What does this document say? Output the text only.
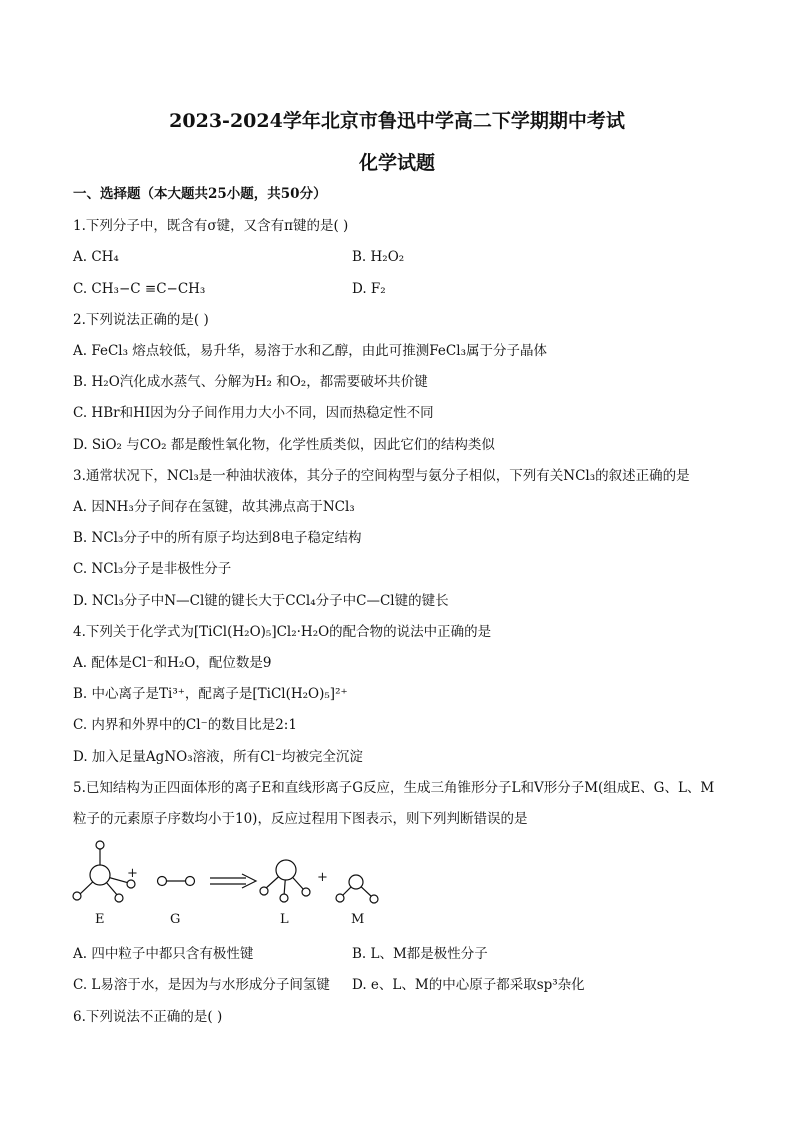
2023-2024学年北京市鲁迅中学高二下学期期中考试
化学试题
一、选择题（本大题共25小题，共50分）
1.下列分子中，既含有σ键，又含有π键的是( )
A. CH₄	B. H₂O₂
C. CH₃−C ≡C−CH₃	D. F₂
2.下列说法正确的是( )
A. FeCl₃ 熔点较低，易升华，易溶于水和乙醇，由此可推测FeCl₃属于分子晶体
B. H₂O汽化成水蒸气、分解为H₂ 和O₂，都需要破坏共价键
C. HBr和HI因为分子间作用力大小不同，因而热稳定性不同
D. SiO₂ 与CO₂ 都是酸性氧化物，化学性质类似，因此它们的结构类似
3.通常状况下，NCl₃是一种油状液体，其分子的空间构型与氨分子相似，下列有关NCl₃的叙述正确的是
A. 因NH₃分子间存在氢键，故其沸点高于NCl₃
B. NCl₃分子中的所有原子均达到8电子稳定结构
C. NCl₃分子是非极性分子
D. NCl₃分子中N—Cl键的键长大于CCl₄分子中C—Cl键的键长
4.下列关于化学式为[TiCl(H₂O)₅]Cl₂·H₂O的配合物的说法中正确的是
A. 配体是Cl⁻和H₂O，配位数是9
B. 中心离子是Ti³⁺，配离子是[TiCl(H₂O)₅]²⁺
C. 内界和外界中的Cl⁻的数目比是2:1
D. 加入足量AgNO₃溶液，所有Cl⁻均被完全沉淀
5.已知结构为正四面体形的离子E和直线形离子G反应，生成三角锥形分子L和V形分子M(组成E、G、L、M
粒子的元素原子序数均小于10)，反应过程用下图表示，则下列判断错误的是
+	+
E	G	L	M
A. 四中粒子中都只含有极性键	B. L、M都是极性分子
C. L易溶于水，是因为与水形成分子间氢键 D. e、L、M的中心原子都采取sp³杂化
6.下列说法不正确的是( )
